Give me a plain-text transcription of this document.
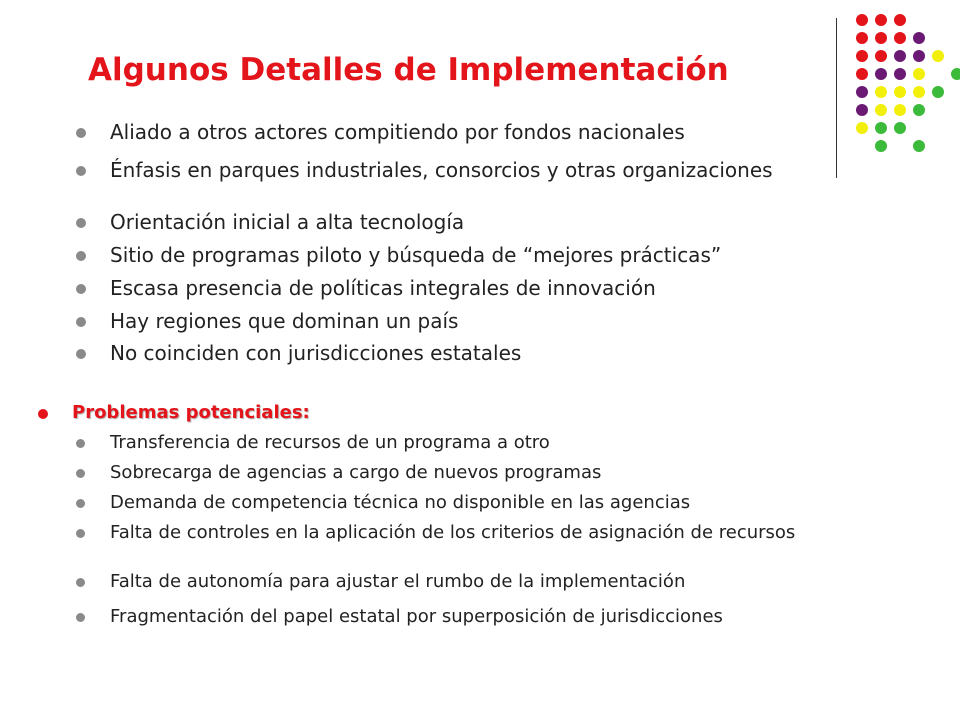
Algunos Detalles de Implementación
Aliado a otros actores compitiendo por fondos nacionales
Énfasis en parques industriales, consorcios y otras organizaciones
Orientación inicial a alta tecnología
Sitio de programas piloto y búsqueda de “mejores prácticas”
Escasa presencia de políticas integrales de innovación
Hay regiones que dominan un país
No coinciden con jurisdicciones estatales
Problemas potenciales:
Transferencia de recursos de un programa a otro
Sobrecarga de agencias a cargo de nuevos programas
Demanda de competencia técnica no disponible en las agencias
Falta de controles en la aplicación de los criterios de asignación de recursos
Falta de autonomía para ajustar el rumbo de la implementación
Fragmentación del papel estatal por superposición de jurisdicciones
